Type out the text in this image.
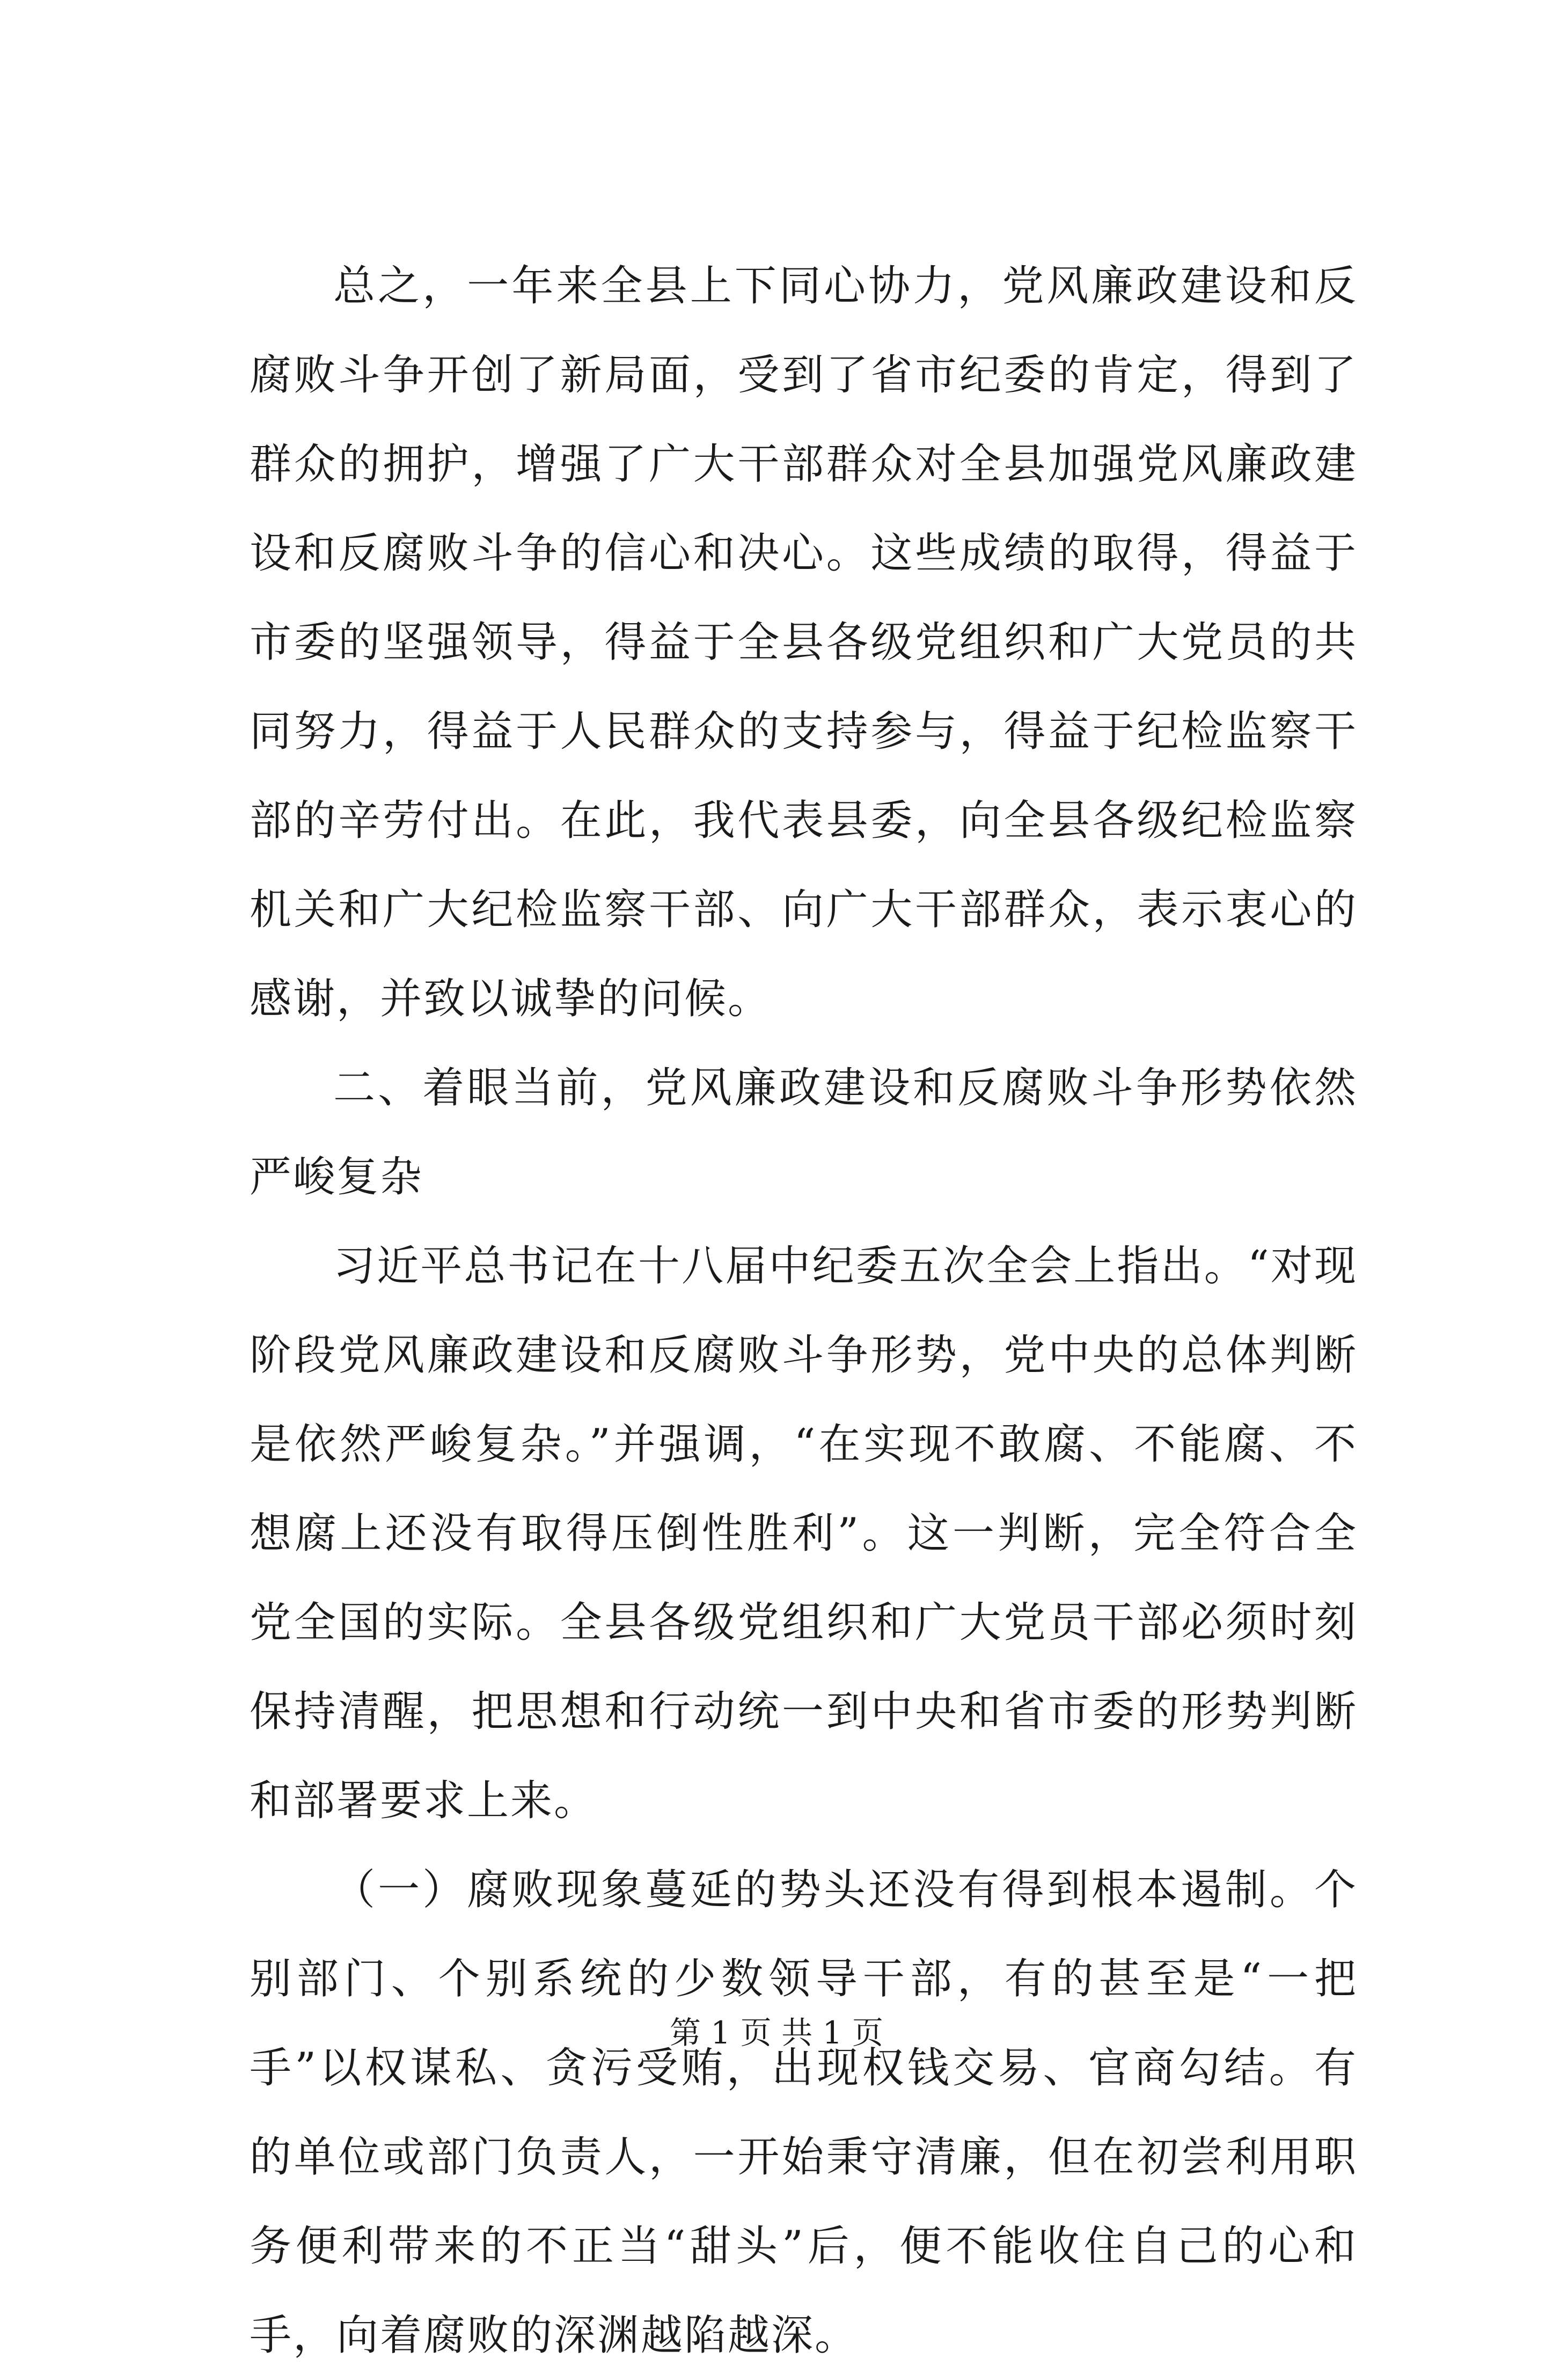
总之，一年来全县上下同心协力，党风廉政建设和反腐败斗争开创了新局面，受到了省市纪委的肯定，得到了群众的拥护，增强了广大干部群众对全县加强党风廉政建设和反腐败斗争的信心和决心。这些成绩的取得，得益于市委的坚强领导，得益于全县各级党组织和广大党员的共同努力，得益于人民群众的支持参与，得益于纪检监察干部的辛劳付出。在此，我代表县委，向全县各级纪检监察机关和广大纪检监察干部、向广大干部群众，表示衷心的感谢，并致以诚挚的问候。

二、着眼当前，党风廉政建设和反腐败斗争形势依然严峻复杂

习近平总书记在十八届中纪委五次全会上指出。“对现阶段党风廉政建设和反腐败斗争形势，党中央的总体判断是依然严峻复杂。”并强调，“在实现不敢腐、不能腐、不想腐上还没有取得压倒性胜利”。这一判断，完全符合全党全国的实际。全县各级党组织和广大党员干部必须时刻保持清醒，把思想和行动统一到中央和省市委的形势判断和部署要求上来。

（一）腐败现象蔓延的势头还没有得到根本遏制。个别部门、个别系统的少数领导干部，有的甚至是“一把手”以权谋私、贪污受贿，出现权钱交易、官商勾结。有的单位或部门负责人，一开始秉守清廉，但在初尝利用职务便利带来的不正当“甜头”后，便不能收住自己的心和手，向着腐败的深渊越陷越深。

第 1 页 共 1 页
